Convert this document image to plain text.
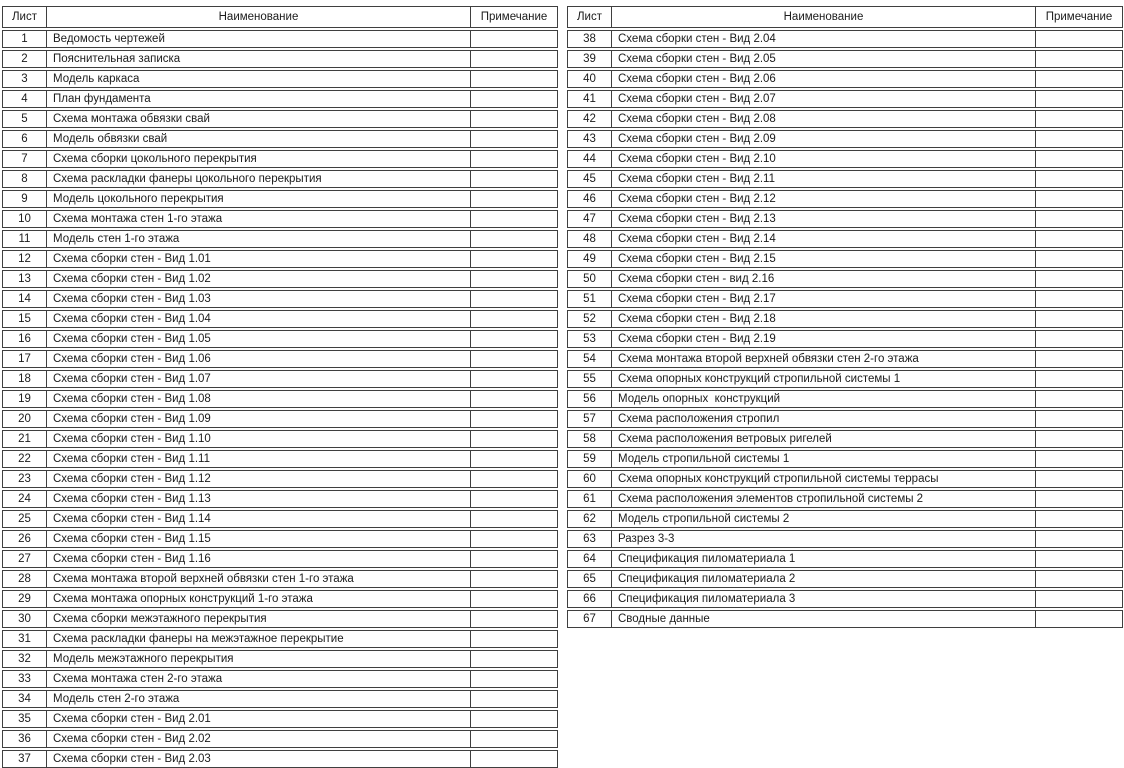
Лист	Наименование	Примечание
1	Ведомость чертежей
2	Пояснительная записка
3	Модель каркаса
4	План фундамента
5	Схема монтажа обвязки свай
6	Модель обвязки свай
7	Схема сборки цокольного перекрытия
8	Схема раскладки фанеры цокольного перекрытия
9	Модель цокольного перекрытия
10	Схема монтажа стен 1-го этажа
11	Модель стен 1-го этажа
12	Схема сборки стен - Вид 1.01
13	Схема сборки стен - Вид 1.02
14	Схема сборки стен - Вид 1.03
15	Схема сборки стен - Вид 1.04
16	Схема сборки стен - Вид 1.05
17	Схема сборки стен - Вид 1.06
18	Схема сборки стен - Вид 1.07
19	Схема сборки стен - Вид 1.08
20	Схема сборки стен - Вид 1.09
21	Схема сборки стен - Вид 1.10
22	Схема сборки стен - Вид 1.11
23	Схема сборки стен - Вид 1.12
24	Схема сборки стен - Вид 1.13
25	Схема сборки стен - Вид 1.14
26	Схема сборки стен - Вид 1.15
27	Схема сборки стен - Вид 1.16
28	Схема монтажа второй верхней обвязки стен 1-го этажа
29	Схема монтажа опорных конструкций 1-го этажа
30	Схема сборки межэтажного перекрытия
31	Схема раскладки фанеры на межэтажное перекрытие
32	Модель межэтажного перекрытия
33	Схема монтажа стен 2-го этажа
34	Модель стен 2-го этажа
35	Схема сборки стен - Вид 2.01
36	Схема сборки стен - Вид 2.02
37	Схема сборки стен - Вид 2.03
Лист	Наименование	Примечание
38	Схема сборки стен - Вид 2.04
39	Схема сборки стен - Вид 2.05
40	Схема сборки стен - Вид 2.06
41	Схема сборки стен - Вид 2.07
42	Схема сборки стен - Вид 2.08
43	Схема сборки стен - Вид 2.09
44	Схема сборки стен - Вид 2.10
45	Схема сборки стен - Вид 2.11
46	Схема сборки стен - Вид 2.12
47	Схема сборки стен - Вид 2.13
48	Схема сборки стен - Вид 2.14
49	Схема сборки стен - Вид 2.15
50	Схема сборки стен - вид 2.16
51	Схема сборки стен - Вид 2.17
52	Схема сборки стен - Вид 2.18
53	Схема сборки стен - Вид 2.19
54	Схема монтажа второй верхней обвязки стен 2-го этажа
55	Схема опорных конструкций стропильной системы 1
56	Модель опорных  конструкций
57	Схема расположения стропил
58	Схема расположения ветровых ригелей
59	Модель стропильной системы 1
60	Схема опорных конструкций стропильной системы террасы
61	Схема расположения элементов стропильной системы 2
62	Модель стропильной системы 2
63	Разрез 3-3
64	Спецификация пиломатериала 1
65	Спецификация пиломатериала 2
66	Спецификация пиломатериала 3
67	Сводные данные
